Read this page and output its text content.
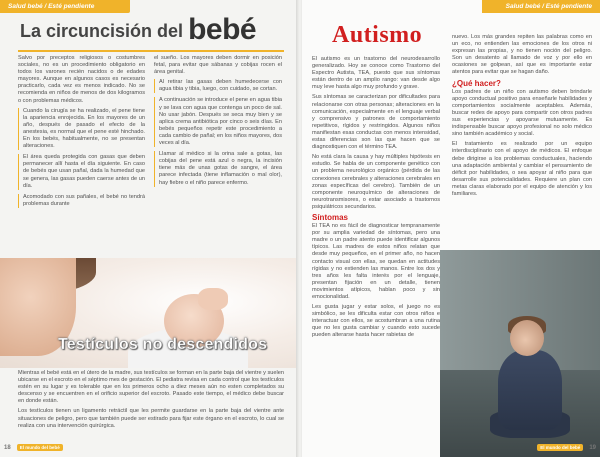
Salud bebé / Esté pendiente
La circuncisión del bebé

Salvo por preceptos religiosos o costumbres sociales, no es un procedimiento obligatorio en todos los varones recién nacidos o de edades mayores. Aunque en algunos casos es necesario practicarlo, cada vez es menos indicado. No se recomienda en niños de menos de dos kilogramos o con problemas médicos.

Cuando la cirugía se ha realizado, el pene tiene la apariencia enrojecida. En los mayores de un año, después de pasado el efecto de la anestesia, es normal que el pene esté hinchado. En los bebés, habitualmente, no se presentan alteraciones.

El área queda protegida con gasas que deben permanecer allí hasta el día siguiente. En caso de bebés que usan pañal, dada la humedad que se genera, las gasas pueden caerse antes de un día.

Acomodado con sus pañales, el bebé no tendrá problemas durante

el sueño. Los mayores deben dormir en posición fetal, para evitar que sábanas y cobijas rocen el área genital.

Al retirar las gasas deben humedecerse con agua tibia y tibia, luego, con cuidado, se cortan.

A continuación se introduce el pene en agua tibia y se lava con agua que contenga un poco de sal. No usar jabón. Después se seca muy bien y se aplica crema antibiótica por cinco o seis días. En bebés pequeños repetir este procedimiento a cada cambio de pañal; en los niños mayores, dos veces al día.

Llamar al médico si la orina sale a gotas, las cobijas del pene está azul o negra, la incisión tiene más de unas gotas de sangre, el área parece infectada (tiene inflamación o mal olor), hay fiebre o el niño parece enfermo.

Testículos no descendidos

Mientras el bebé está en el útero de la madre, sus testículos se forman en la parte baja del vientre y suelen ubicarse en el escroto en el séptimo mes de gestación. El pediatra revisa en cada control que los testículos estén en su lugar y es tolerable que en los primeros ocho a diez meses aún no esten completados su descenso y se encuentren en el orificio superior del escroto. Pasado este tiempo, el médico debe buscar en donde están.

Los testículos tienen un ligamento retráctil que les permite guardarse en la parte baja del vientre ante situaciones de peligro, pero que también puede ser estirado para fijar este órgano en el escroto, lo cual se realiza con una intervención quirúrgica.

18	El mundo del bebé
Salud bebé / Esté pendiente
Autismo

El autismo es un trastorno del neurodesarrollo generalizado. Hoy se conoce como Trastorno del Espectro Autista, TEA, puesto que sus síntomas están dentro de un amplio rango: van desde algo muy leve hasta algo muy profundo y grave.

Sus síntomas se caracterizan por dificultades para relacionarse con otras personas; alteraciones en la comunicación, especialmente en el lenguaje verbal y comprensivo y patrones de comportamiento repetitivos, rígidos y restringidos. Algunos niños manifiestan esas conductas con menos intensidad, estas diferencias son las que hacen que se diagnostiquen con el término TEA.

No está clara la causa y hay múltiples hipótesis en estudio. Se habla de un componente genético con un problema neurológico orgánico (pérdida de las conexiones cerebrales y alteraciones cerebrales en zonas específicas del cerebro). También de un componente neuroquímico de alteraciones de neurotransmisores, o estar asociado a trastornos psiquiátricos secundarios.

Síntomas

El TEA no es fácil de diagnosticar tempranamente por su amplia variedad de síntomas, pero una madre o un padre atento puede identificar algunos típicos. Las madres de estos niños relatan que desde muy pequeños, en el primer año, no hacen contacto visual con ellas, se quedan en actitudes rígidas y no extienden las manos. Entre los dos y tres años les falta interés por el lenguaje, presentan fijación en un detalle, tienen movimientos atípicos, hablan poco y sin emocionalidad.

Les gusta jugar y estar solos, el juego no es simbólico, se les dificulta estar con otros niños e interactuar con ellos, se acostumbran a una rutina que no les gusta cambiar y cuando esto sucede pueden alterarse hasta hacer rabietas de

nuevo. Los más grandes repiten las palabras como en un eco, no entienden las emociones de los otros ni expresan las propias, y no tienen noción del peligro. Son un desatento al llamado de voz y por ello en ocasiones se golpean, así que es importante estar atentos para evitar que se hagan daño.

¿Qué hacer?

Los padres de un niño con autismo deben brindarle apoyo conductual positivo para enseñarle habilidades y comportamientos socialmente aceptables. Además, buscar redes de apoyo para compartir con otros padres sus experiencias y apoyarse mutuamente. Es indispensable buscar apoyo profesional no solo médico sino también académico y social.

El tratamiento es realizado por un equipo interdisciplinario con el apoyo de médicos. El enfoque debe dirigirse a los problemas conductuales, haciendo una adaptación ambiental y cambiar el pensamiento de déficit por habilidades, o sea apoyar al niño para que desarrolle sus potencialidades. Requiere un plan con metas claras elaborado por el equipo de atención y los familiares.

El mundo del bebé	19
